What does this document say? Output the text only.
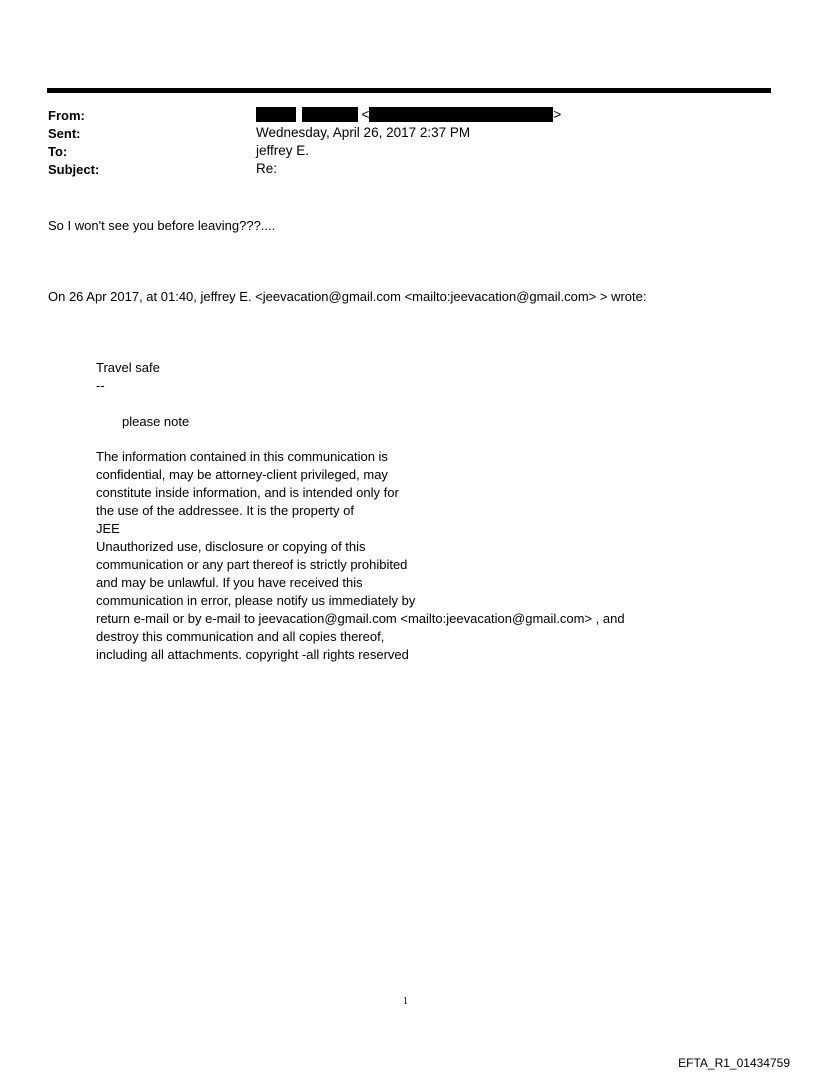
From:	<	>
Sent:	Wednesday, April 26, 2017 2:37 PM
To:	jeffrey E.
Subject:	Re:
So I won't see you before leaving???....
On 26 Apr 2017, at 01:40, jeffrey E. <jeevacation@gmail.com <mailto:jeevacation@gmail.com> > wrote:
Travel safe
--
please note
The information contained in this communication is
confidential, may be attorney-client privileged, may
constitute inside information, and is intended only for
the use of the addressee. It is the property of
JEE
Unauthorized use, disclosure or copying of this
communication or any part thereof is strictly prohibited
and may be unlawful. If you have received this
communication in error, please notify us immediately by
return e-mail or by e-mail to jeevacation@gmail.com <mailto:jeevacation@gmail.com> , and
destroy this communication and all copies thereof,
including all attachments. copyright -all rights reserved
1
EFTA_R1_01434759
